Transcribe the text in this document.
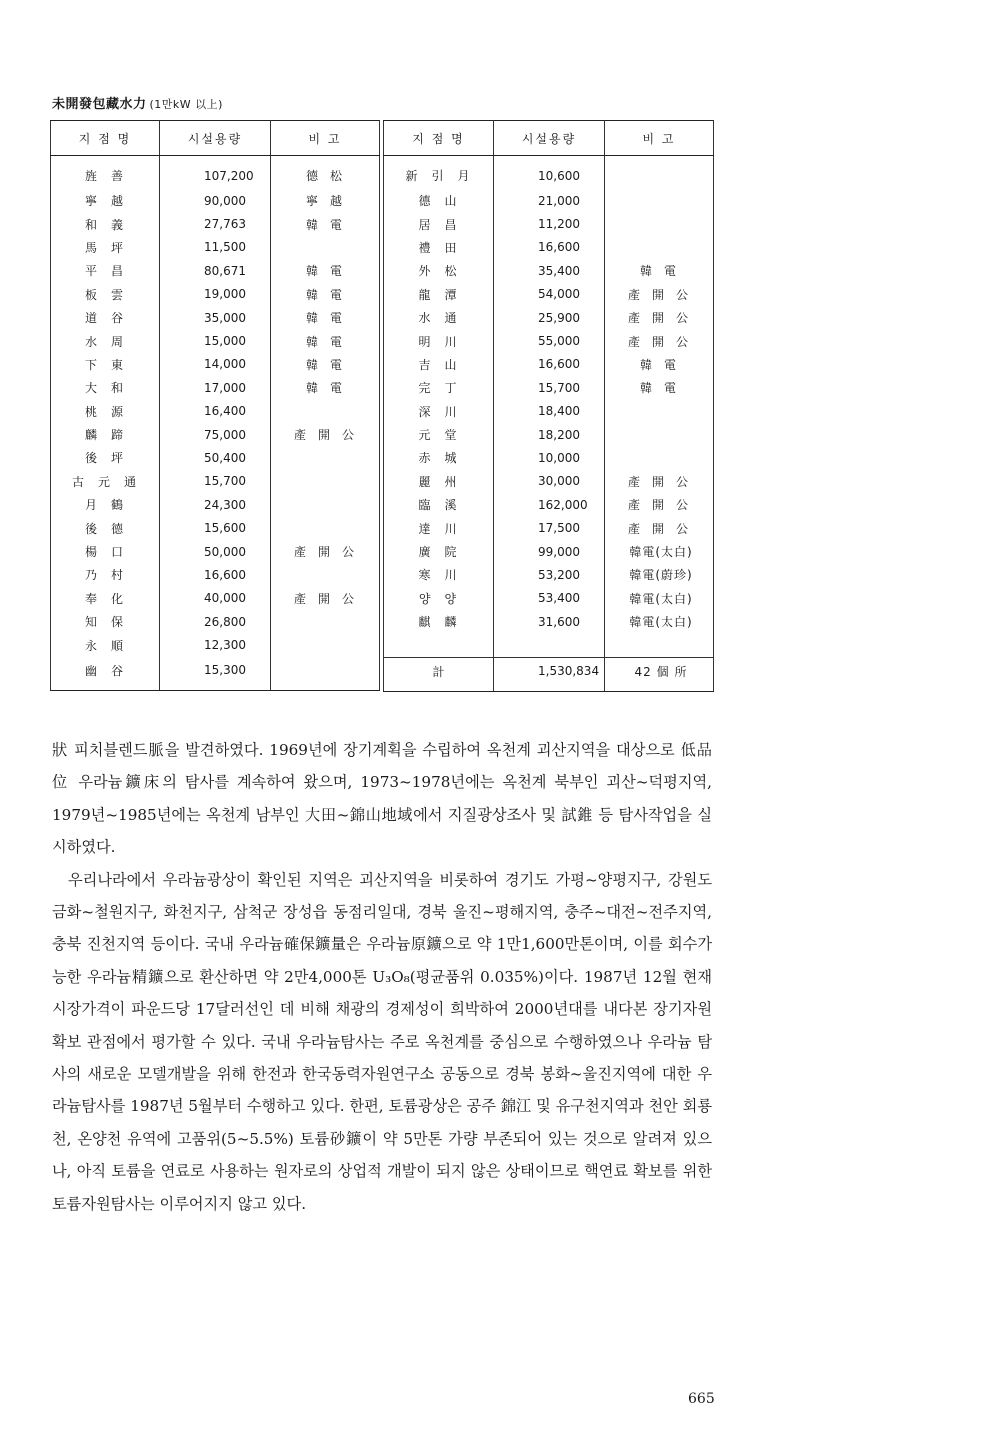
未開發包藏水力 (1만kW 以上)
지 점 명	시설용량	비 고
旌善	107,200	德松
寧越	90,000	寧越
和義	27,763	韓電
馬坪	11,500	
平昌	80,671	韓電
板雲	19,000	韓電
道谷	35,000	韓電
水周	15,000	韓電
下東	14,000	韓電
大和	17,000	韓電
桃源	16,400	
麟蹄	75,000	產開公
後坪	50,400	
古元通	15,700	
月鶴	24,300	
後德	15,600	
楊口	50,000	產開公
乃村	16,600	
奉化	40,000	產開公
知保	26,800	
永順	12,300	
幽谷	15,300	
지 점 명	시설용량	비 고
新引月	10,600	
德山	21,000	
居昌	11,200	
禮田	16,600	
外松	35,400	韓電
龍潭	54,000	產開公
水通	25,900	產開公
明川	55,000	產開公
吉山	16,600	韓電
完丁	15,700	韓電
深川	18,400	
元堂	18,200	
赤城	10,000	
麗州	30,000	產開公
臨溪	162,000	產開公
達川	17,500	產開公
廣院	99,000	韓電(太白)
寒川	53,200	韓電(蔚珍)
양양	53,400	韓電(太白)
麒麟	31,600	韓電(太白)

計	1,530,834	42 個 所

狀 피치블렌드脈을 발견하였다. 1969년에 장기계획을 수립하여 옥천계 괴산지역을 대상으로 低品位 우라늄鑛床의 탐사를 계속하여 왔으며, 1973~1978년에는 옥천계 북부인 괴산~덕평지역, 1979년~1985년에는 옥천계 남부인 大田~錦山地域에서 지질광상조사 및 試錐 등 탐사작업을 실시하였다.

우리나라에서 우라늄광상이 확인된 지역은 괴산지역을 비롯하여 경기도 가평~양평지구, 강원도 금화~철원지구, 화천지구, 삼척군 장성읍 동점리일대, 경북 울진~평해지역, 충주~대전~전주지역, 충북 진천지역 등이다. 국내 우라늄確保鑛量은 우라늄原鑛으로 약 1만1,600만톤이며, 이를 회수가능한 우라늄精鑛으로 환산하면 약 2만4,000톤 U₃O₈(평균품위 0.035%)이다. 1987년 12월 현재 시장가격이 파운드당 17달러선인 데 비해 채광의 경제성이 희박하여 2000년대를 내다본 장기자원확보 관점에서 평가할 수 있다. 국내 우라늄탐사는 주로 옥천계를 중심으로 수행하였으나 우라늄 탐사의 새로운 모델개발을 위해 한전과 한국동력자원연구소 공동으로 경북 봉화~울진지역에 대한 우라늄탐사를 1987년 5월부터 수행하고 있다. 한편, 토륨광상은 공주 錦江 및 유구천지역과 천안 회룡천, 온양천 유역에 고품위(5~5.5%) 토륨砂鑛이 약 5만톤 가량 부존되어 있는 것으로 알려져 있으나, 아직 토륨을 연료로 사용하는 원자로의 상업적 개발이 되지 않은 상태이므로 핵연료 확보를 위한 토륨자원탐사는 이루어지지 않고 있다.

665
